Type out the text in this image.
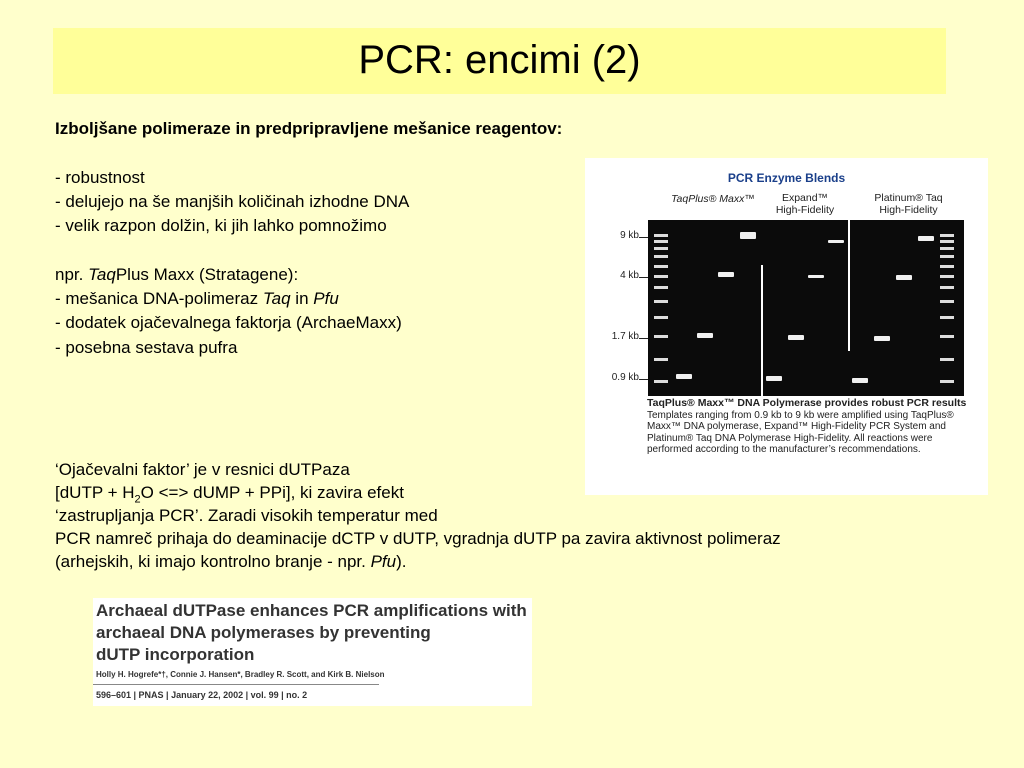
PCR: encimi (2)
Izboljšane polimeraze in predpripravljene mešanice reagentov:
- robustnost
- delujejo na še manjših količinah izhodne DNA
- velik razpon dolžin, ki jih lahko pomnožimo
npr. TaqPlus Maxx (Stratagene):
- mešanica DNA-polimeraz Taq in Pfu
- dodatek ojačevalnega faktorja (ArchaeMaxx)
- posebna sestava pufra
‘Ojačevalni faktor’ je v resnici dUTPaza
[dUTP + $H_2O$ <=> dUMP + PPi], ki zavira efekt
‘zastrupljanja PCR’. Zaradi visokih temperatur med
PCR namreč prihaja do deaminacije dCTP v dUTP, vgradnja dUTP pa zavira aktivnost polimeraz
(arhejskih, ki imajo kontrolno branje - npr. Pfu).
PCR Enzyme Blends
TaqPlus® Maxx™	Expand™
High-Fidelity
Platinum® Taq
High-Fidelity
9 kb
4 kb
1.7 kb
0.9 kb
TaqPlus® Maxx™ DNA Polymerase provides robust PCR results
Templates ranging from 0.9 kb to 9 kb were amplified using TaqPlus® Maxx™ DNA polymerase, Expand™ High-Fidelity PCR System and Platinum® Taq DNA Polymerase High-Fidelity. All reactions were performed according to the manufacturer’s recommendations.
Archaeal dUTPase enhances PCR amplifications with
archaeal DNA polymerases by preventing
dUTP incorporation
Holly H. Hogrefe*†, Connie J. Hansen*, Bradley R. Scott, and Kirk B. Nielson
596–601 | PNAS | January 22, 2002 | vol. 99 | no. 2
